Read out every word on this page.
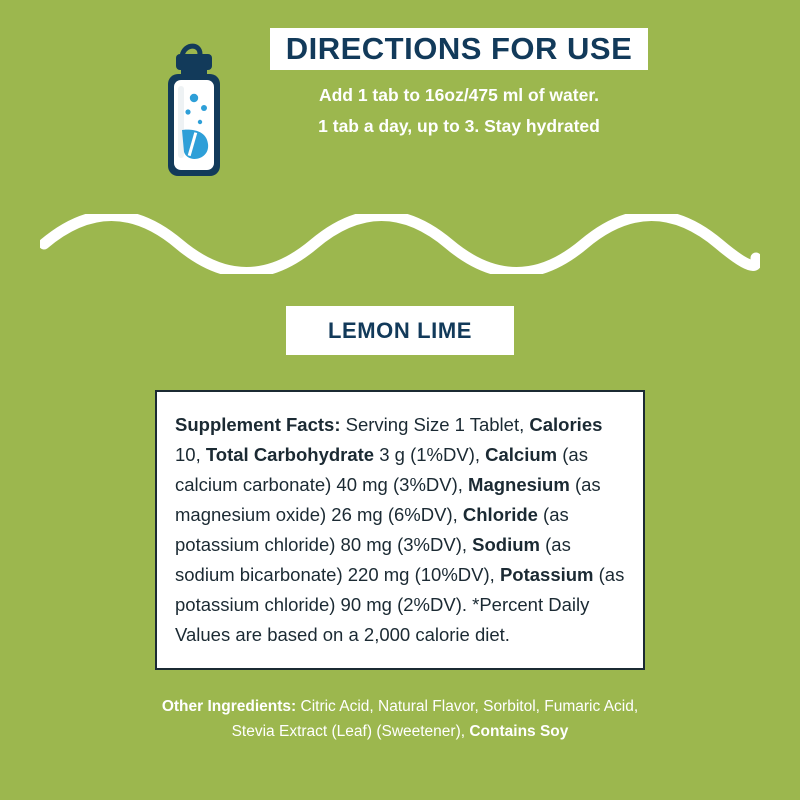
DIRECTIONS FOR USE
Add 1 tab to 16oz/475 ml of water.
1 tab a day, up to 3. Stay hydrated
LEMON LIME
Supplement Facts: Serving Size 1 Tablet, Calories 10, Total Carbohydrate 3 g (1%DV), Calcium (as calcium carbonate) 40 mg (3%DV), Magnesium (as magnesium oxide) 26 mg (6%DV), Chloride (as potassium chloride) 80 mg (3%DV), Sodium (as sodium bicarbonate) 220 mg (10%DV), Potassium (as potassium chloride) 90 mg (2%DV). *Percent Daily Values are based on a 2,000 calorie diet.
Other Ingredients: Citric Acid, Natural Flavor, Sorbitol, Fumaric Acid, Stevia Extract (Leaf) (Sweetener), Contains Soy
